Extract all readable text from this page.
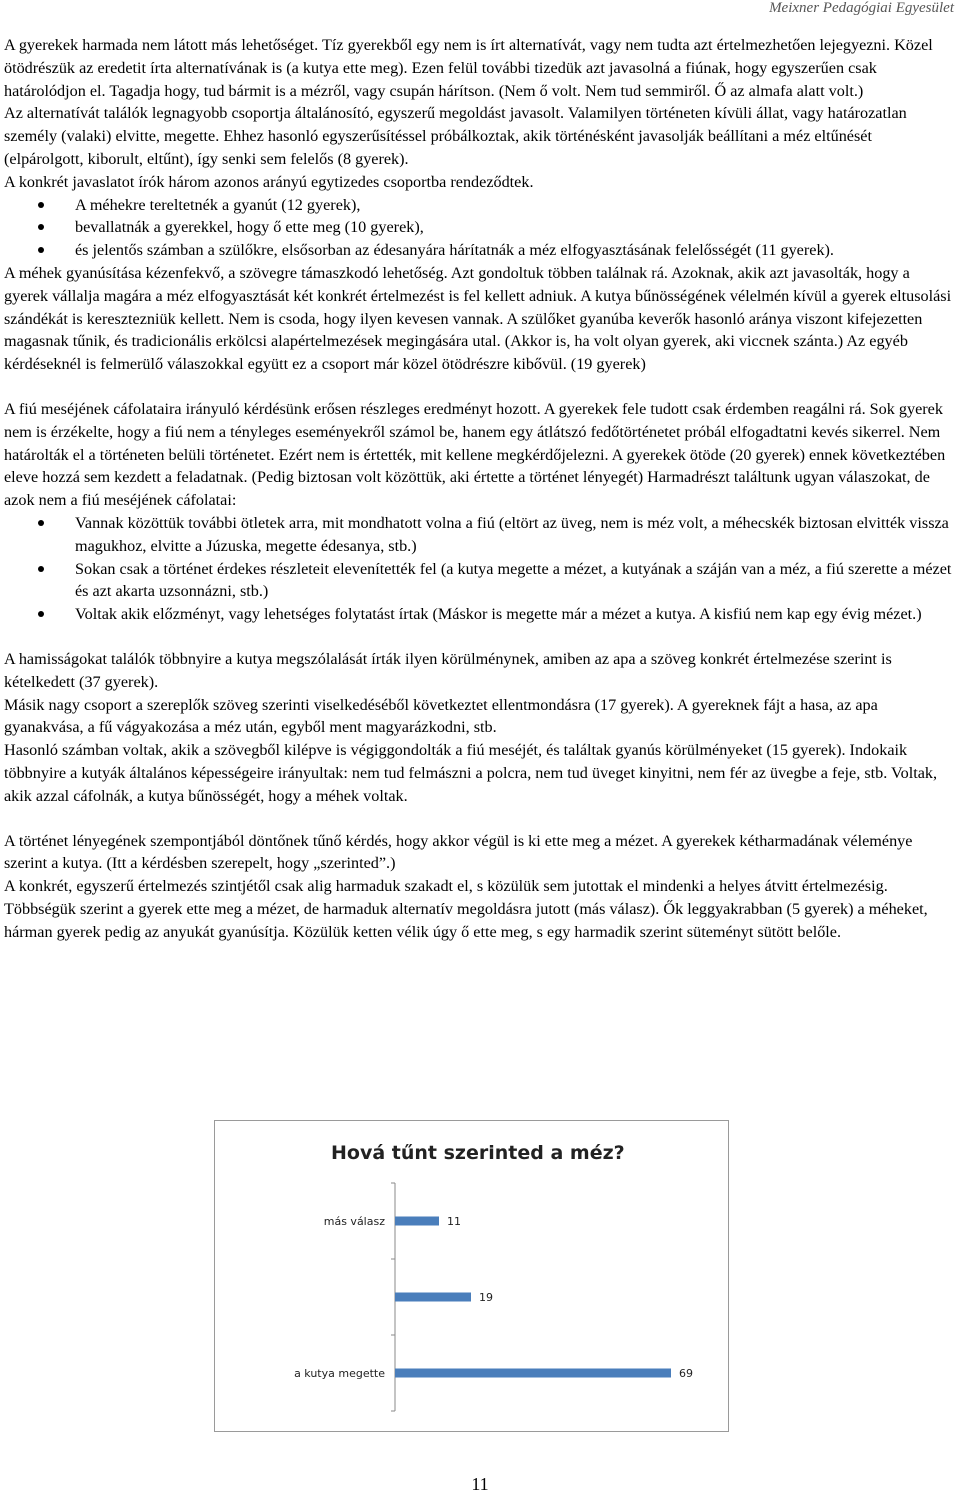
Meixner Pedagógiai Egyesület

A gyerekek harmada nem látott más lehetőséget. Tíz gyerekből egy nem is írt alternatívát, vagy nem tudta azt értelmezhetően lejegyezni. Közel ötödrészük az eredetit írta alternatívának is (a kutya ette meg). Ezen felül további tizedük azt javasolná a fiúnak, hogy egyszerűen csak határolódjon el. Tagadja hogy, tud bármit is a mézről, vagy csupán hárítson. (Nem ő volt. Nem tud semmiről. Ő az almafa alatt volt.)

Az alternatívát találók legnagyobb csoportja általánosító, egyszerű megoldást javasolt. Valamilyen történeten kívüli állat, vagy határozatlan személy (valaki) elvitte, megette. Ehhez hasonló egyszerűsítéssel próbálkoztak, akik történésként javasolják beállítani a méz eltűnését (elpárolgott, kiborult, eltűnt), így senki sem felelős (8 gyerek).

A konkrét javaslatot írók három azonos arányú egytizedes csoportba rendeződtek.

A méhekre tereltetnék a gyanút (12 gyerek),
bevallatnák a gyerekkel, hogy ő ette meg (10 gyerek),
és jelentős számban a szülőkre, elsősorban az édesanyára hárítatnák a méz elfogyasztásának felelősségét (11 gyerek).

A méhek gyanúsítása kézenfekvő, a szövegre támaszkodó lehetőség. Azt gondoltuk többen találnak rá. Azoknak, akik azt javasolták, hogy a gyerek vállalja magára a méz elfogyasztását két konkrét értelmezést is fel kellett adniuk. A kutya bűnösségének vélelmén kívül a gyerek eltusolási szándékát is keresztezniük kellett. Nem is csoda, hogy ilyen kevesen vannak. A szülőket gyanúba keverők hasonló aránya viszont kifejezetten magasnak tűnik, és tradicionális erkölcsi alapértelmezések megingására utal. (Akkor is, ha volt olyan gyerek, aki viccnek szánta.) Az egyéb kérdéseknél is felmerülő válaszokkal együtt ez a csoport már közel ötödrészre kibővül. (19 gyerek)

A fiú meséjének cáfolataira irányuló kérdésünk erősen részleges eredményt hozott. A gyerekek fele tudott csak érdemben reagálni rá. Sok gyerek nem is érzékelte, hogy a fiú nem a tényleges eseményekről számol be, hanem egy átlátszó fedőtörténetet próbál elfogadtatni kevés sikerrel. Nem határolták el a történeten belüli történetet. Ezért nem is értették, mit kellene megkérdőjelezni. A gyerekek ötöde (20 gyerek) ennek következtében eleve hozzá sem kezdett a feladatnak. (Pedig biztosan volt közöttük, aki értette a történet lényegét) Harmadrészt találtunk ugyan válaszokat, de azok nem a fiú meséjének cáfolatai:

Vannak közöttük további ötletek arra, mit mondhatott volna a fiú (eltört az üveg, nem is méz volt, a méhecskék biztosan elvitték vissza magukhoz, elvitte a Júzuska, megette édesanya, stb.)
Sokan csak a történet érdekes részleteit elevenítették fel (a kutya megette a mézet, a kutyának a száján van a méz, a fiú szerette a mézet és azt akarta uzsonnázni, stb.)
Voltak akik előzményt, vagy lehetséges folytatást írtak (Máskor is megette már a mézet a kutya. A kisfiú nem kap egy évig mézet.)

A hamisságokat találók többnyire a kutya megszólalását írták ilyen körülménynek, amiben az apa a szöveg konkrét értelmezése szerint is kételkedett (37 gyerek).

Másik nagy csoport a szereplők szöveg szerinti viselkedéséből következtet ellentmondásra (17 gyerek). A gyereknek fájt a hasa, az apa gyanakvása, a fű vágyakozása a méz után, egyből ment magyarázkodni, stb.

Hasonló számban voltak, akik a szövegből kilépve is végiggondolták a fiú meséjét, és találtak gyanús körülményeket (15 gyerek). Indokaik többnyire a kutyák általános képességeire irányultak: nem tud felmászni a polcra, nem tud üveget kinyitni, nem fér az üvegbe a feje, stb. Voltak, akik azzal cáfolnák, a kutya bűnösségét, hogy a méhek voltak.

A történet lényegének szempontjából döntőnek tűnő kérdés, hogy akkor végül is ki ette meg a mézet. A gyerekek kétharmadának véleménye szerint a kutya. (Itt a kérdésben szerepelt, hogy „szerinted”.)

A konkrét, egyszerű értelmezés szintjétől csak alig harmaduk szakadt el, s közülük sem jutottak el mindenki a helyes átvitt értelmezésig. Többségük szerint a gyerek ette meg a mézet, de harmaduk alternatív megoldásra jutott (más válasz). Ők leggyakrabban (5 gyerek) a méheket, hárman gyerek pedig az anyukát gyanúsítja. Közülük ketten vélik úgy ő ette meg, s egy harmadik szerint süteményt sütött belőle.

Hová tűnt szerinted a méz?
más válasz	11
19
a kutya megette	69
11
